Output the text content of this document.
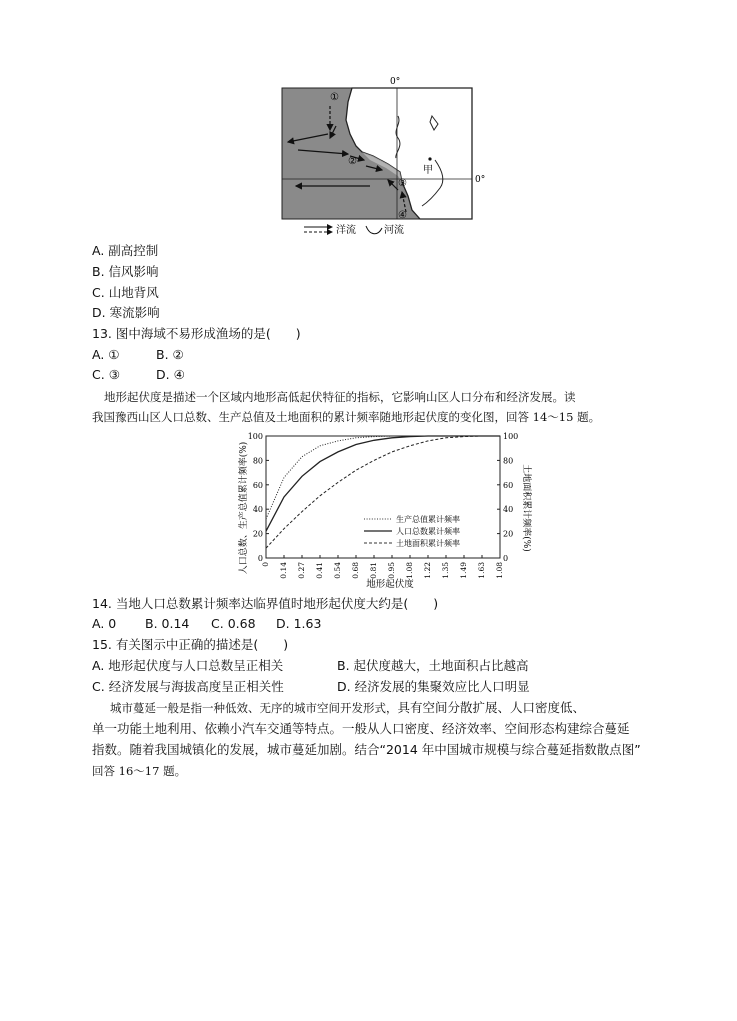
0°
0°
甲
①
②
③
④
洋流	河流
A. 副高控制
B. 信风影响
C. 山地背风
D. 寒流影响
13. 图中海域不易形成渔场的是(　　)
A. ①	B. ②
C. ③	D. ④
地形起伏度是描述一个区域内地形高低起伏特征的指标，它影响山区人口分布和经济发展。读
我国豫西山区人口总数、生产总值及土地面积的累计频率随地形起伏度的变化图，回答 14～15 题。
0	0
20	20
40	40
60	60
80	80
100	100
0 0.14 0.27 0.41 0.54 0.68 0.81 0.95 1.08 1.22 1.35 1.49 1.63 1.08
人口总数、生产总值累计频率(%)	土地面积累计频率(%)
地形起伏度
生产总值累计频率
人口总数累计频率
土地面积累计频率
14. 当地人口总数累计频率达临界值时地形起伏度大约是(　　)
A. 0 B. 0.14 C. 0.68 D. 1.63
15. 有关图示中正确的描述是(　　)
A. 地形起伏度与人口总数呈正相关	B. 起伏度越大，土地面积占比越高
C. 经济发展与海拔高度呈正相关性	D. 经济发展的集聚效应比人口明显
城市蔓延一般是指一种低效、无序的城市空间开发形式，具有空间分散扩展、人口密度低、
单一功能土地利用、依赖小汽车交通等特点。一般从人口密度、经济效率、空间形态构建综合蔓延
指数。随着我国城镇化的发展，城市蔓延加剧。结合“2014 年中国城市规模与综合蔓延指数散点图”
回答 16～17 题。
